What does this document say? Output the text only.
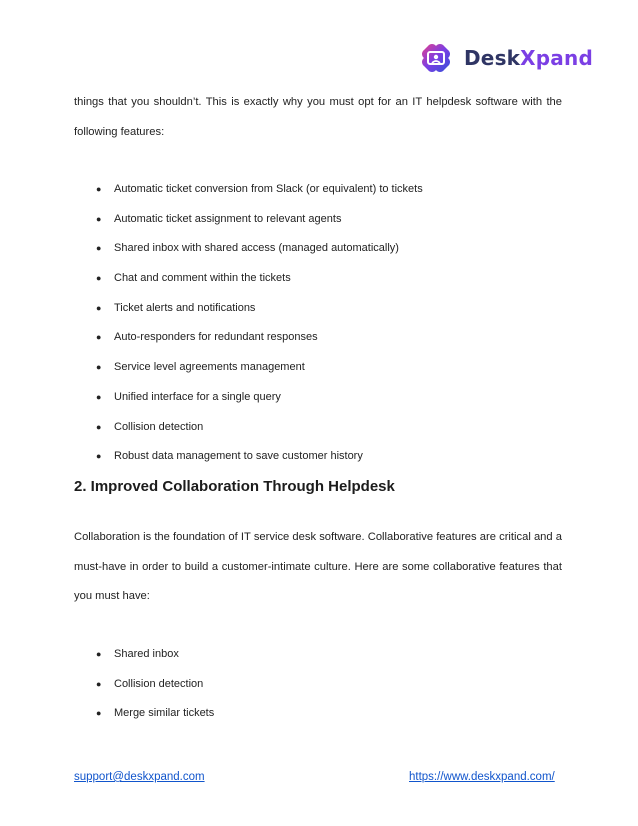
DeskXpand

things that you shouldn’t. This is exactly why you must opt for an IT helpdesk software with the following features:

● Automatic ticket conversion from Slack (or equivalent) to tickets
● Automatic ticket assignment to relevant agents
● Shared inbox with shared access (managed automatically)
● Chat and comment within the tickets
● Ticket alerts and notifications
● Auto-responders for redundant responses
● Service level agreements management
● Unified interface for a single query
● Collision detection
● Robust data management to save customer history
2. Improved Collaboration Through Helpdesk

Collaboration is the foundation of IT service desk software. Collaborative features are critical and a must-have in order to build a customer-intimate culture. Here are some collaborative features that you must have:

● Shared inbox
● Collision detection
● Merge similar tickets
support@deskxpand.com	https://www.deskxpand.com/
